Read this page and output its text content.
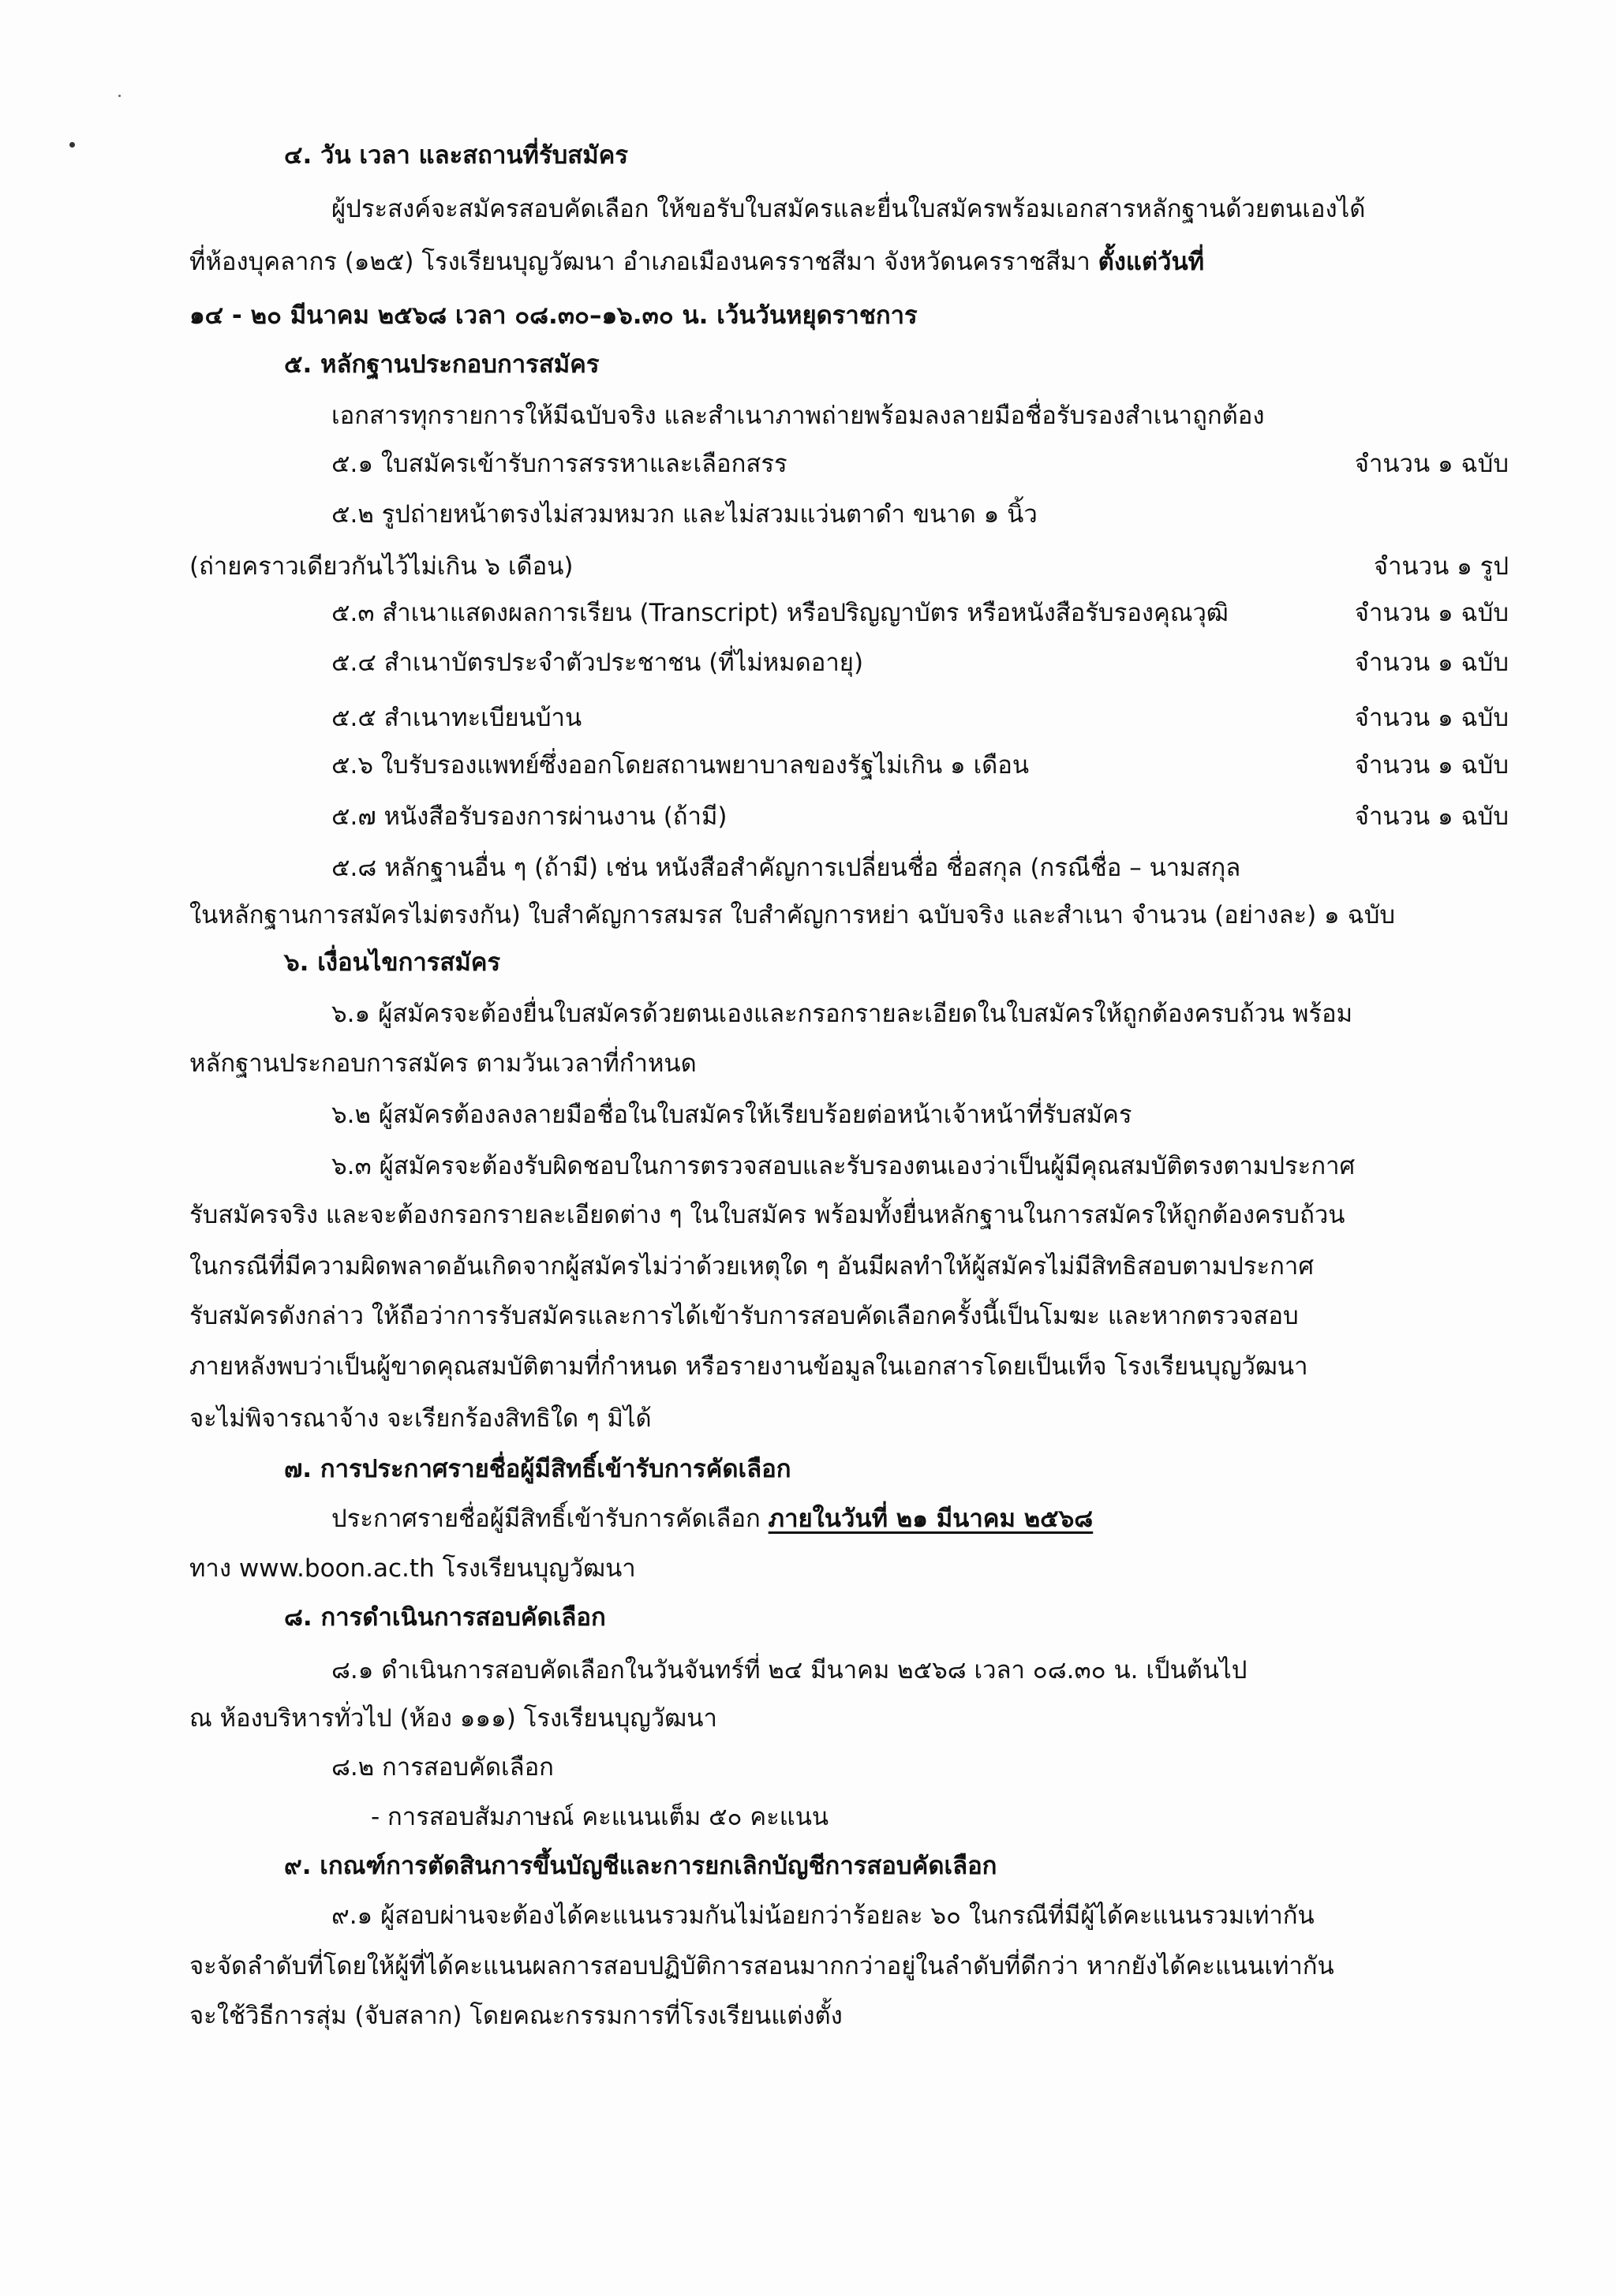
๔. วัน เวลา และสถานที่รับสมัคร
ผู้ประสงค์จะสมัครสอบคัดเลือก ให้ขอรับใบสมัครและยื่นใบสมัครพร้อมเอกสารหลักฐานด้วยตนเองได้
ที่ห้องบุคลากร (๑๒๕) โรงเรียนบุญวัฒนา อำเภอเมืองนครราชสีมา จังหวัดนครราชสีมา ตั้งแต่วันที่
๑๔ - ๒๐ มีนาคม ๒๕๖๘ เวลา ๐๘.๓๐–๑๖.๓๐ น. เว้นวันหยุดราชการ
๕. หลักฐานประกอบการสมัคร
เอกสารทุกรายการให้มีฉบับจริง และสำเนาภาพถ่ายพร้อมลงลายมือชื่อรับรองสำเนาถูกต้อง
๕.๑ ใบสมัครเข้ารับการสรรหาและเลือกสรร	จำนวน ๑ ฉบับ
๕.๒ รูปถ่ายหน้าตรงไม่สวมหมวก และไม่สวมแว่นตาดำ ขนาด ๑ นิ้ว
(ถ่ายคราวเดียวกันไว้ไม่เกิน ๖ เดือน)	จำนวน ๑ รูป
๕.๓ สำเนาแสดงผลการเรียน (Transcript) หรือปริญญาบัตร หรือหนังสือรับรองคุณวุฒิ	จำนวน ๑ ฉบับ
๕.๔ สำเนาบัตรประจำตัวประชาชน (ที่ไม่หมดอายุ)	จำนวน ๑ ฉบับ
๕.๕ สำเนาทะเบียนบ้าน	จำนวน ๑ ฉบับ
๕.๖ ใบรับรองแพทย์ซึ่งออกโดยสถานพยาบาลของรัฐไม่เกิน ๑ เดือน	จำนวน ๑ ฉบับ
๕.๗ หนังสือรับรองการผ่านงาน (ถ้ามี)	จำนวน ๑ ฉบับ
๕.๘ หลักฐานอื่น ๆ (ถ้ามี) เช่น หนังสือสำคัญการเปลี่ยนชื่อ ชื่อสกุล (กรณีชื่อ – นามสกุล
ในหลักฐานการสมัครไม่ตรงกัน) ใบสำคัญการสมรส ใบสำคัญการหย่า ฉบับจริง และสำเนา จำนวน (อย่างละ) ๑ ฉบับ
๖. เงื่อนไขการสมัคร
๖.๑ ผู้สมัครจะต้องยื่นใบสมัครด้วยตนเองและกรอกรายละเอียดในใบสมัครให้ถูกต้องครบถ้วน พร้อม
หลักฐานประกอบการสมัคร ตามวันเวลาที่กำหนด
๖.๒ ผู้สมัครต้องลงลายมือชื่อในใบสมัครให้เรียบร้อยต่อหน้าเจ้าหน้าที่รับสมัคร
๖.๓ ผู้สมัครจะต้องรับผิดชอบในการตรวจสอบและรับรองตนเองว่าเป็นผู้มีคุณสมบัติตรงตามประกาศ
รับสมัครจริง และจะต้องกรอกรายละเอียดต่าง ๆ ในใบสมัคร พร้อมทั้งยื่นหลักฐานในการสมัครให้ถูกต้องครบถ้วน
ในกรณีที่มีความผิดพลาดอันเกิดจากผู้สมัครไม่ว่าด้วยเหตุใด ๆ อันมีผลทำให้ผู้สมัครไม่มีสิทธิสอบตามประกาศ
รับสมัครดังกล่าว ให้ถือว่าการรับสมัครและการได้เข้ารับการสอบคัดเลือกครั้งนี้เป็นโมฆะ และหากตรวจสอบ
ภายหลังพบว่าเป็นผู้ขาดคุณสมบัติตามที่กำหนด หรือรายงานข้อมูลในเอกสารโดยเป็นเท็จ โรงเรียนบุญวัฒนา
จะไม่พิจารณาจ้าง จะเรียกร้องสิทธิใด ๆ มิได้
๗. การประกาศรายชื่อผู้มีสิทธิ์เข้ารับการคัดเลือก
ประกาศรายชื่อผู้มีสิทธิ์เข้ารับการคัดเลือก ภายในวันที่ ๒๑ มีนาคม ๒๕๖๘
ทาง www.boon.ac.th โรงเรียนบุญวัฒนา
๘. การดำเนินการสอบคัดเลือก
๘.๑ ดำเนินการสอบคัดเลือกในวันจันทร์ที่ ๒๔ มีนาคม ๒๕๖๘ เวลา ๐๘.๓๐ น. เป็นต้นไป
ณ ห้องบริหารทั่วไป (ห้อง ๑๑๑) โรงเรียนบุญวัฒนา
๘.๒ การสอบคัดเลือก
- การสอบสัมภาษณ์ คะแนนเต็ม ๕๐ คะแนน
๙. เกณฑ์การตัดสินการขึ้นบัญชีและการยกเลิกบัญชีการสอบคัดเลือก
๙.๑ ผู้สอบผ่านจะต้องได้คะแนนรวมกันไม่น้อยกว่าร้อยละ ๖๐ ในกรณีที่มีผู้ได้คะแนนรวมเท่ากัน
จะจัดลำดับที่โดยให้ผู้ที่ได้คะแนนผลการสอบปฏิบัติการสอนมากกว่าอยู่ในลำดับที่ดีกว่า หากยังได้คะแนนเท่ากัน
จะใช้วิธีการสุ่ม (จับสลาก) โดยคณะกรรมการที่โรงเรียนแต่งตั้ง
